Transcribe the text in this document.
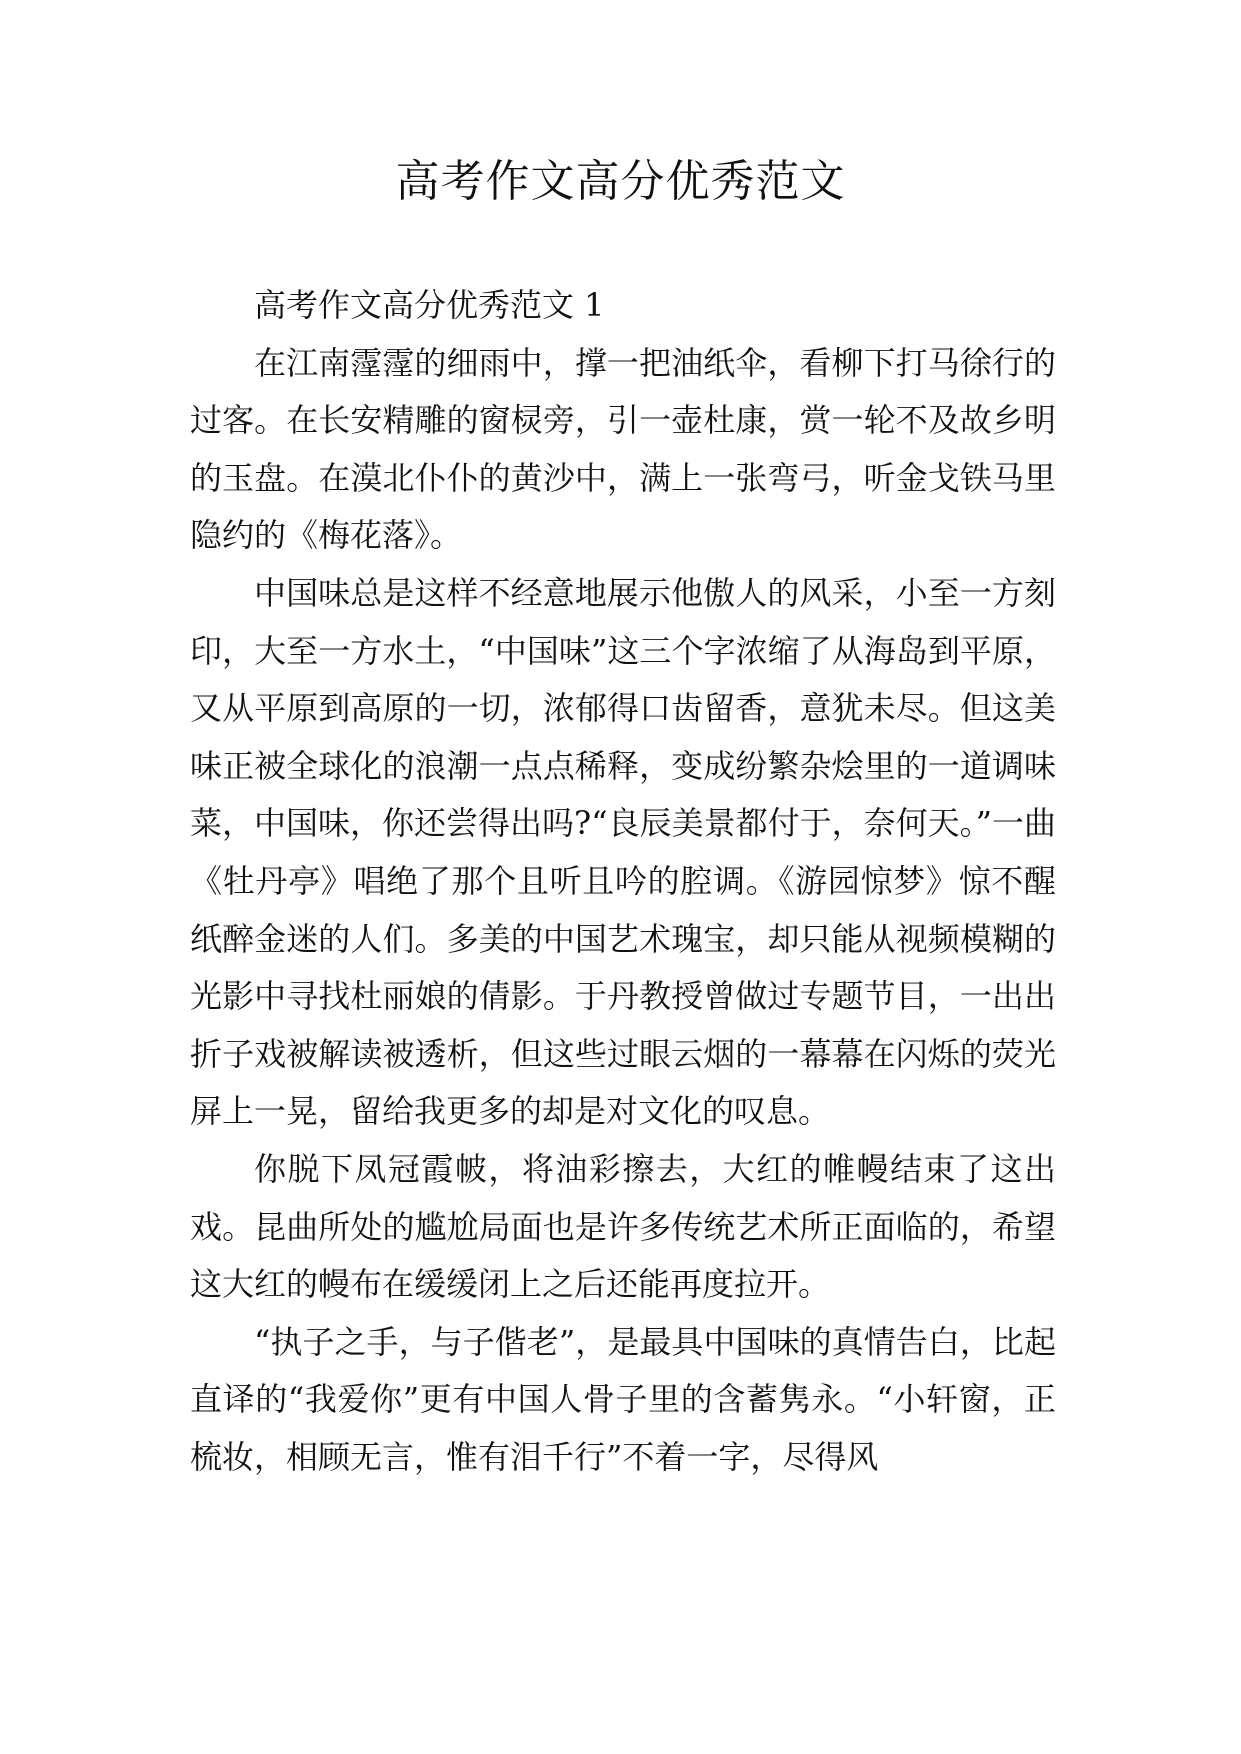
高考作文高分优秀范文

高考作文高分优秀范文 1

在江南霪霪的细雨中，撑一把油纸伞，看柳下打马徐行的过客。在长安精雕的窗棂旁，引一壶杜康，赏一轮不及故乡明的玉盘。在漠北仆仆的黄沙中，满上一张弯弓，听金戈铁马里隐约的《梅花落》。

中国味总是这样不经意地展示他傲人的风采，小至一方刻印，大至一方水土，“中国味”这三个字浓缩了从海岛到平原，又从平原到高原的一切，浓郁得口齿留香，意犹未尽。但这美味正被全球化的浪潮一点点稀释，变成纷繁杂烩里的一道调味菜，中国味，你还尝得出吗?“良辰美景都付于，奈何天。”一曲《牡丹亭》唱绝了那个且听且吟的腔调。《游园惊梦》惊不醒纸醉金迷的人们。多美的中国艺术瑰宝，却只能从视频模糊的光影中寻找杜丽娘的倩影。于丹教授曾做过专题节目，一出出折子戏被解读被透析，但这些过眼云烟的一幕幕在闪烁的荧光屏上一晃，留给我更多的却是对文化的叹息。

你脱下凤冠霞帔，将油彩擦去，大红的帷幔结束了这出戏。昆曲所处的尴尬局面也是许多传统艺术所正面临的，希望这大红的幔布在缓缓闭上之后还能再度拉开。

“执子之手，与子偕老”，是最具中国味的真情告白，比起直译的“我爱你”更有中国人骨子里的含蓄隽永。“小轩窗，正梳妆，相顾无言，惟有泪千行”不着一字，尽得风
